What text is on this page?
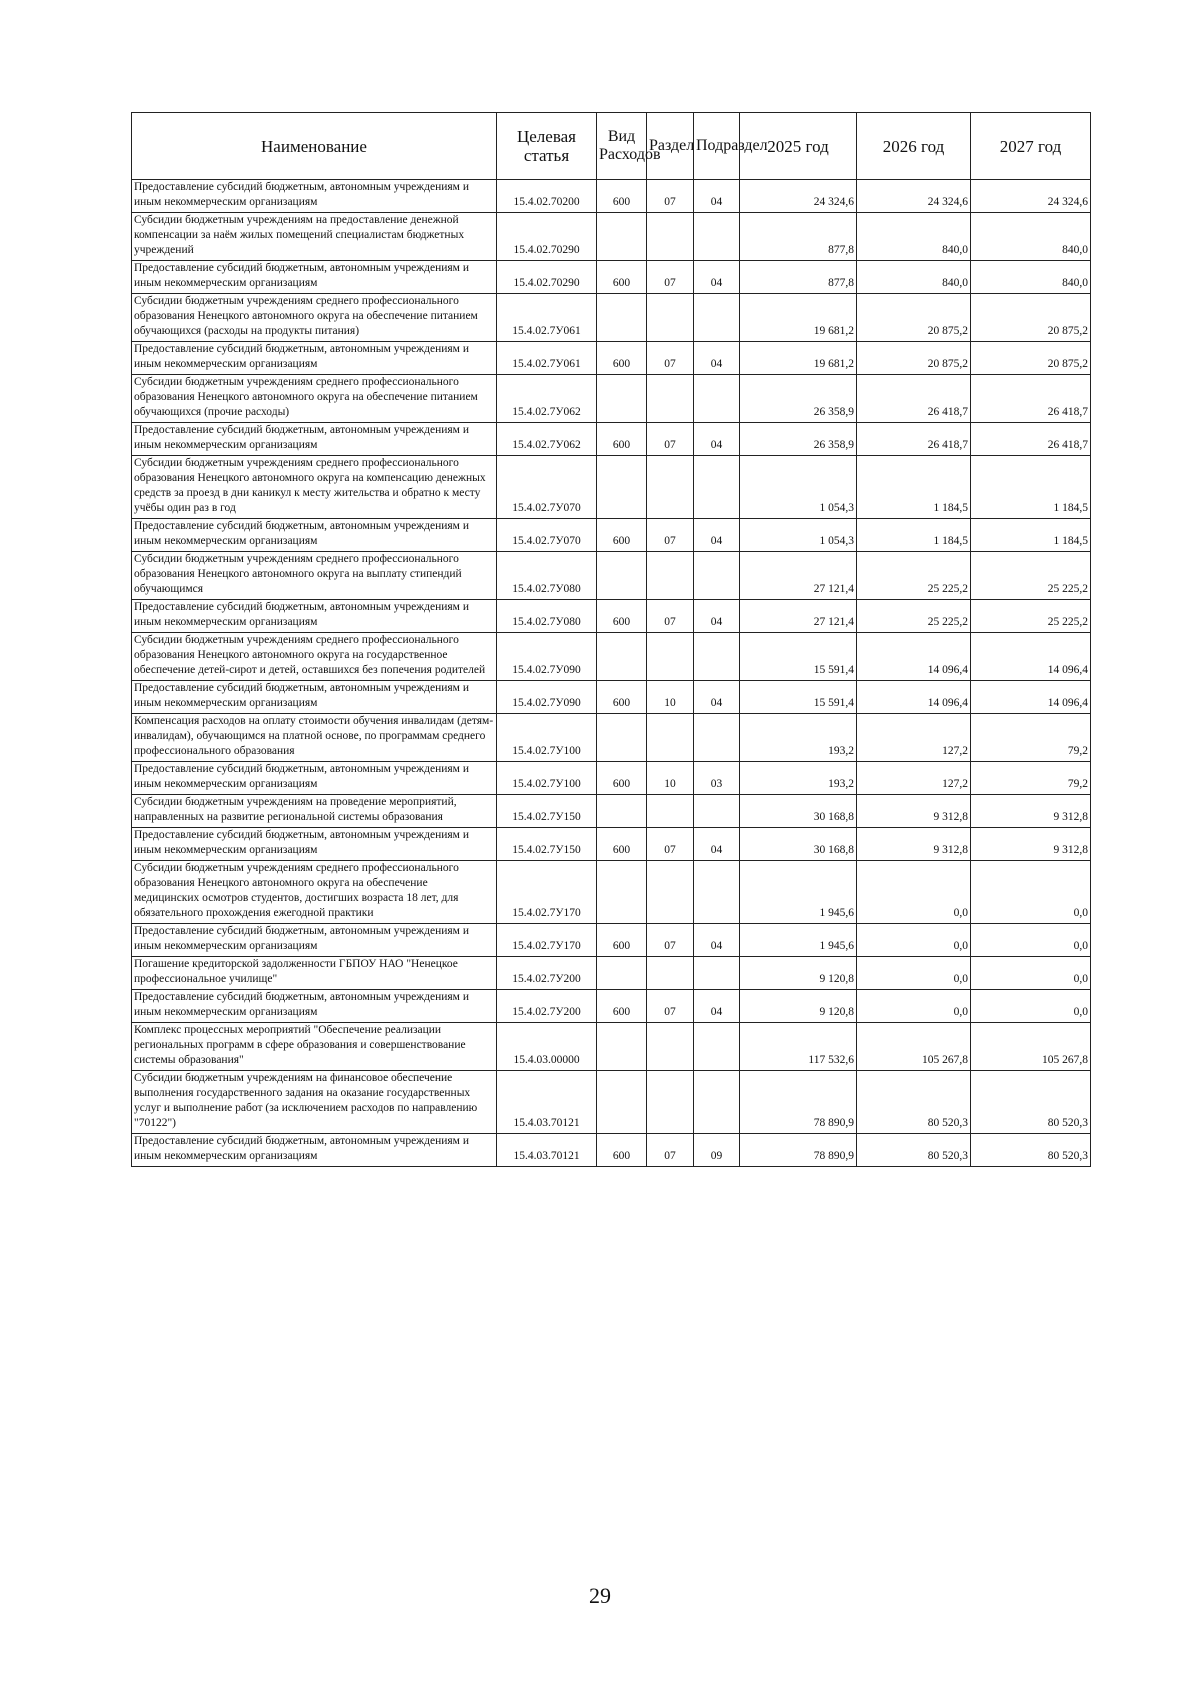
Наименование	Целевая статья	Вид Расходов	Раздел	Подраздел	2025 год	2026 год	2027 год
Предоставление субсидий бюджетным, автономным учреждениям и иным некоммерческим организациям	15.4.02.70200	600	07	04	24 324,6	24 324,6	24 324,6
Субсидии бюджетным учреждениям на предоставление денежной компенсации за наём жилых помещений специалистам бюджетных учреждений	15.4.02.70290				877,8	840,0	840,0
Предоставление субсидий бюджетным, автономным учреждениям и иным некоммерческим организациям	15.4.02.70290	600	07	04	877,8	840,0	840,0
Субсидии бюджетным учреждениям среднего профессионального образования Ненецкого автономного округа на обеспечение питанием обучающихся (расходы на продукты питания)	15.4.02.7У061				19 681,2	20 875,2	20 875,2
Предоставление субсидий бюджетным, автономным учреждениям и иным некоммерческим организациям	15.4.02.7У061	600	07	04	19 681,2	20 875,2	20 875,2
Субсидии бюджетным учреждениям среднего профессионального образования Ненецкого автономного округа на обеспечение питанием обучающихся (прочие расходы)	15.4.02.7У062				26 358,9	26 418,7	26 418,7
Предоставление субсидий бюджетным, автономным учреждениям и иным некоммерческим организациям	15.4.02.7У062	600	07	04	26 358,9	26 418,7	26 418,7
Субсидии бюджетным учреждениям среднего профессионального образования Ненецкого автономного округа на компенсацию денежных средств за проезд в дни каникул к месту жительства и обратно к месту учёбы один раз в год	15.4.02.7У070				1 054,3	1 184,5	1 184,5
Предоставление субсидий бюджетным, автономным учреждениям и иным некоммерческим организациям	15.4.02.7У070	600	07	04	1 054,3	1 184,5	1 184,5
Субсидии бюджетным учреждениям среднего профессионального образования Ненецкого автономного округа на выплату стипендий обучающимся	15.4.02.7У080				27 121,4	25 225,2	25 225,2
Предоставление субсидий бюджетным, автономным учреждениям и иным некоммерческим организациям	15.4.02.7У080	600	07	04	27 121,4	25 225,2	25 225,2
Субсидии бюджетным учреждениям среднего профессионального образования Ненецкого автономного округа на государственное обеспечение детей-сирот и детей, оставшихся без попечения родителей	15.4.02.7У090				15 591,4	14 096,4	14 096,4
Предоставление субсидий бюджетным, автономным учреждениям и иным некоммерческим организациям	15.4.02.7У090	600	10	04	15 591,4	14 096,4	14 096,4
Компенсация расходов на оплату стоимости обучения инвалидам (детям-инвалидам), обучающимся на платной основе, по программам среднего профессионального образования	15.4.02.7У100				193,2	127,2	79,2
Предоставление субсидий бюджетным, автономным учреждениям и иным некоммерческим организациям	15.4.02.7У100	600	10	03	193,2	127,2	79,2
Субсидии бюджетным учреждениям на проведение мероприятий, направленных на развитие региональной системы образования	15.4.02.7У150				30 168,8	9 312,8	9 312,8
Предоставление субсидий бюджетным, автономным учреждениям и иным некоммерческим организациям	15.4.02.7У150	600	07	04	30 168,8	9 312,8	9 312,8
Субсидии бюджетным учреждениям среднего профессионального образования Ненецкого автономного округа на обеспечение медицинских осмотров студентов, достигших возраста 18 лет, для обязательного прохождения ежегодной практики	15.4.02.7У170				1 945,6	0,0	0,0
Предоставление субсидий бюджетным, автономным учреждениям и иным некоммерческим организациям	15.4.02.7У170	600	07	04	1 945,6	0,0	0,0
Погашение кредиторской задолженности ГБПОУ НАО "Ненецкое профессиональное училище"	15.4.02.7У200				9 120,8	0,0	0,0
Предоставление субсидий бюджетным, автономным учреждениям и иным некоммерческим организациям	15.4.02.7У200	600	07	04	9 120,8	0,0	0,0
Комплекс процессных мероприятий "Обеспечение реализации региональных программ в сфере образования и совершенствование системы образования"	15.4.03.00000				117 532,6	105 267,8	105 267,8
Субсидии бюджетным учреждениям на финансовое обеспечение выполнения государственного задания на оказание государственных услуг и выполнение работ (за исключением расходов по направлению "70122")	15.4.03.70121				78 890,9	80 520,3	80 520,3
Предоставление субсидий бюджетным, автономным учреждениям и иным некоммерческим организациям	15.4.03.70121	600	07	09	78 890,9	80 520,3	80 520,3
29
